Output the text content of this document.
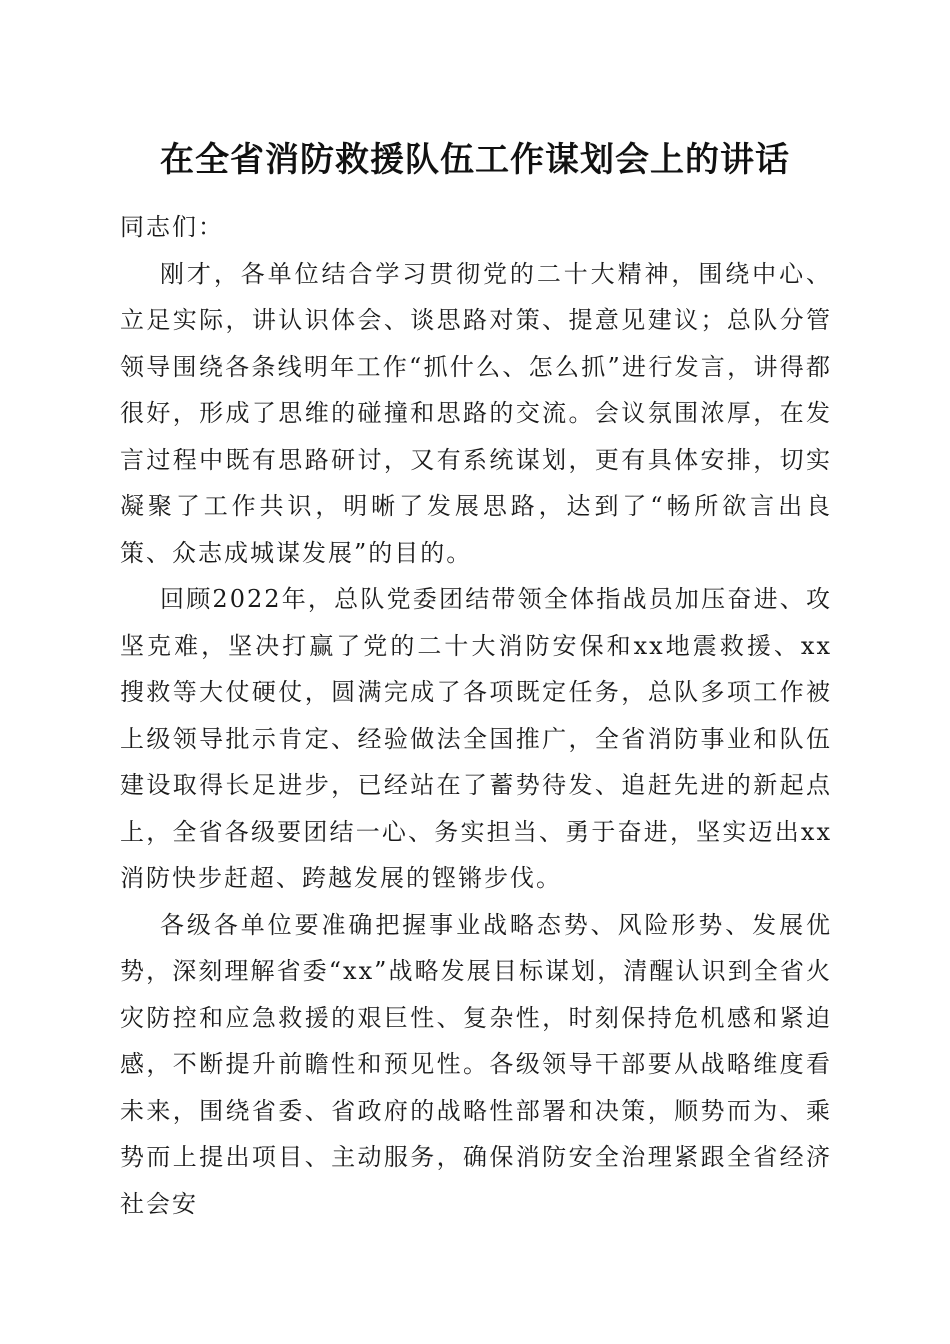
在全省消防救援队伍工作谋划会上的讲话

同志们：

刚才，各单位结合学习贯彻党的二十大精神，围绕中心、立足实际，讲认识体会、谈思路对策、提意见建议；总队分管领导围绕各条线明年工作“抓什么、怎么抓”进行发言，讲得都很好，形成了思维的碰撞和思路的交流。会议氛围浓厚，在发言过程中既有思路研讨，又有系统谋划，更有具体安排，切实凝聚了工作共识，明晰了发展思路，达到了“畅所欲言出良策、众志成城谋发展”的目的。

回顾2022年，总队党委团结带领全体指战员加压奋进、攻坚克难，坚决打赢了党的二十大消防安保和xx地震救援、xx搜救等大仗硬仗，圆满完成了各项既定任务，总队多项工作被上级领导批示肯定、经验做法全国推广，全省消防事业和队伍建设取得长足进步，已经站在了蓄势待发、追赶先进的新起点上，全省各级要团结一心、务实担当、勇于奋进，坚实迈出xx消防快步赶超、跨越发展的铿锵步伐。

各级各单位要准确把握事业战略态势、风险形势、发展优势，深刻理解省委“xx”战略发展目标谋划，清醒认识到全省火灾防控和应急救援的艰巨性、复杂性，时刻保持危机感和紧迫感，不断提升前瞻性和预见性。各级领导干部要从战略维度看未来，围绕省委、省政府的战略性部署和决策，顺势而为、乘势而上提出项目、主动服务，确保消防安全治理紧跟全省经济社会安
